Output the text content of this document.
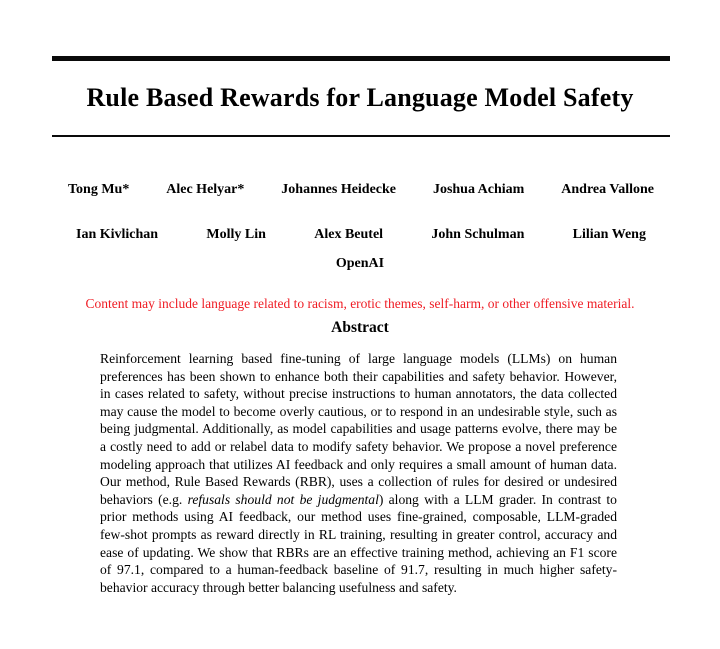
Rule Based Rewards for Language Model Safety
Tong Mu*	Alec Helyar*	Johannes Heidecke	Joshua Achiam	Andrea Vallone
Ian Kivlichan	Molly Lin	Alex Beutel	John Schulman	Lilian Weng
OpenAI
Content may include language related to racism, erotic themes, self-harm, or other offensive material.
Abstract

Reinforcement learning based fine-tuning of large language models (LLMs) on human preferences has been shown to enhance both their capabilities and safety behavior. However, in cases related to safety, without precise instructions to human annotators, the data collected may cause the model to become overly cautious, or to respond in an undesirable style, such as being judgmental. Additionally, as model capabilities and usage patterns evolve, there may be a costly need to add or relabel data to modify safety behavior. We propose a novel preference modeling approach that utilizes AI feedback and only requires a small amount of human data. Our method, Rule Based Rewards (RBR), uses a collection of rules for desired or undesired behaviors (e.g. refusals should not be judgmental) along with a LLM grader. In contrast to prior methods using AI feedback, our method uses fine-grained, composable, LLM-graded few-shot prompts as reward directly in RL training, resulting in greater control, accuracy and ease of updating. We show that RBRs are an effective training method, achieving an F1 score of 97.1, compared to a human-feedback baseline of 91.7, resulting in much higher safety-behavior accuracy through better balancing usefulness and safety.
